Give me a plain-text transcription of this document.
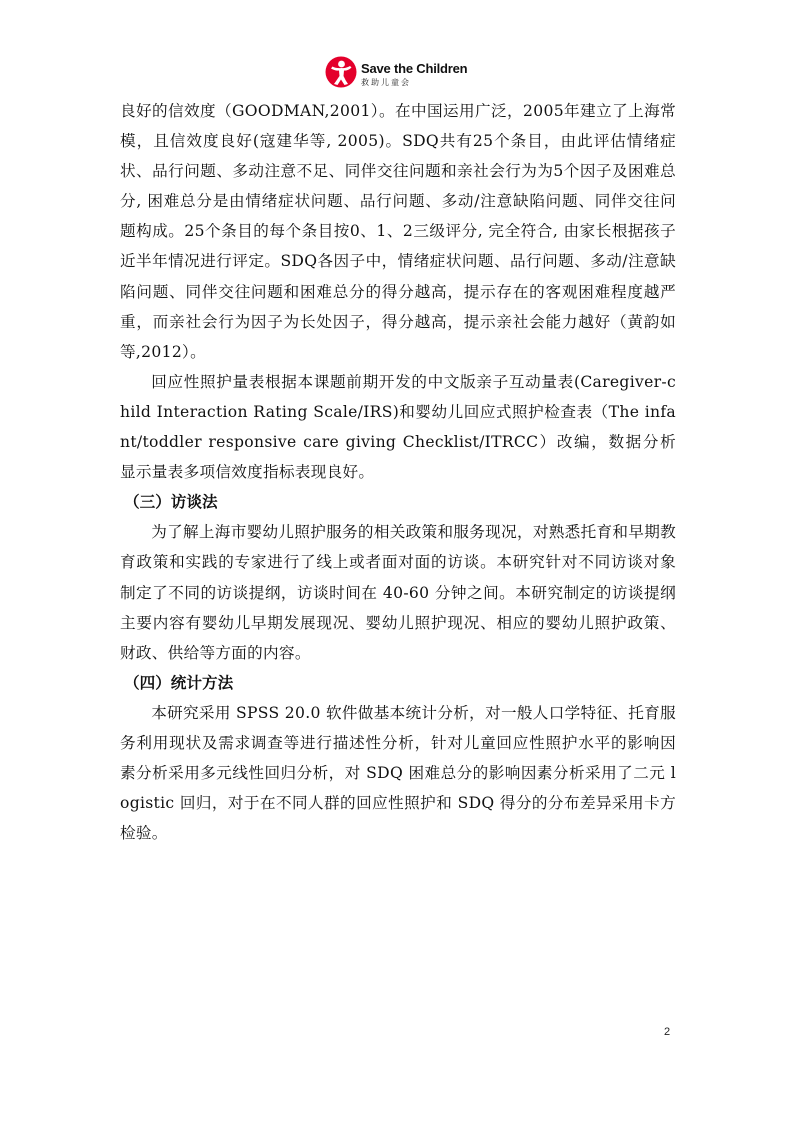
Save the Children
救助儿童会

良好的信效度（GOODMAN,2001）。在中国运用广泛，2005年建立了上海常模，且信效度良好(寇建华等, 2005)。SDQ共有25个条目，由此评估情绪症状、品行问题、多动注意不足、同伴交往问题和亲社会行为为5个因子及困难总分, 困难总分是由情绪症状问题、品行问题、多动/注意缺陷问题、同伴交往问题构成。25个条目的每个条目按0、1、2三级评分, 完全符合, 由家长根据孩子近半年情况进行评定。SDQ各因子中，情绪症状问题、品行问题、多动/注意缺陷问题、同伴交往问题和困难总分的得分越高，提示存在的客观困难程度越严重，而亲社会行为因子为长处因子，得分越高，提示亲社会能力越好（黄韵如等,2012）。

回应性照护量表根据本课题前期开发的中文版亲子互动量表(Caregiver-child Interaction Rating Scale/IRS)和婴幼儿回应式照护检查表（The infant/toddler responsive care giving Checklist/ITRCC）改编，数据分析显示量表多项信效度指标表现良好。

（三）访谈法

为了解上海市婴幼儿照护服务的相关政策和服务现况，对熟悉托育和早期教育政策和实践的专家进行了线上或者面对面的访谈。本研究针对不同访谈对象制定了不同的访谈提纲，访谈时间在 40-60 分钟之间。本研究制定的访谈提纲主要内容有婴幼儿早期发展现况、婴幼儿照护现况、相应的婴幼儿照护政策、财政、供给等方面的内容。

（四）统计方法

本研究采用 SPSS 20.0 软件做基本统计分析，对一般人口学特征、托育服务利用现状及需求调查等进行描述性分析，针对儿童回应性照护水平的影响因素分析采用多元线性回归分析，对 SDQ 困难总分的影响因素分析采用了二元 logistic 回归，对于在不同人群的回应性照护和 SDQ 得分的分布差异采用卡方检验。

2
